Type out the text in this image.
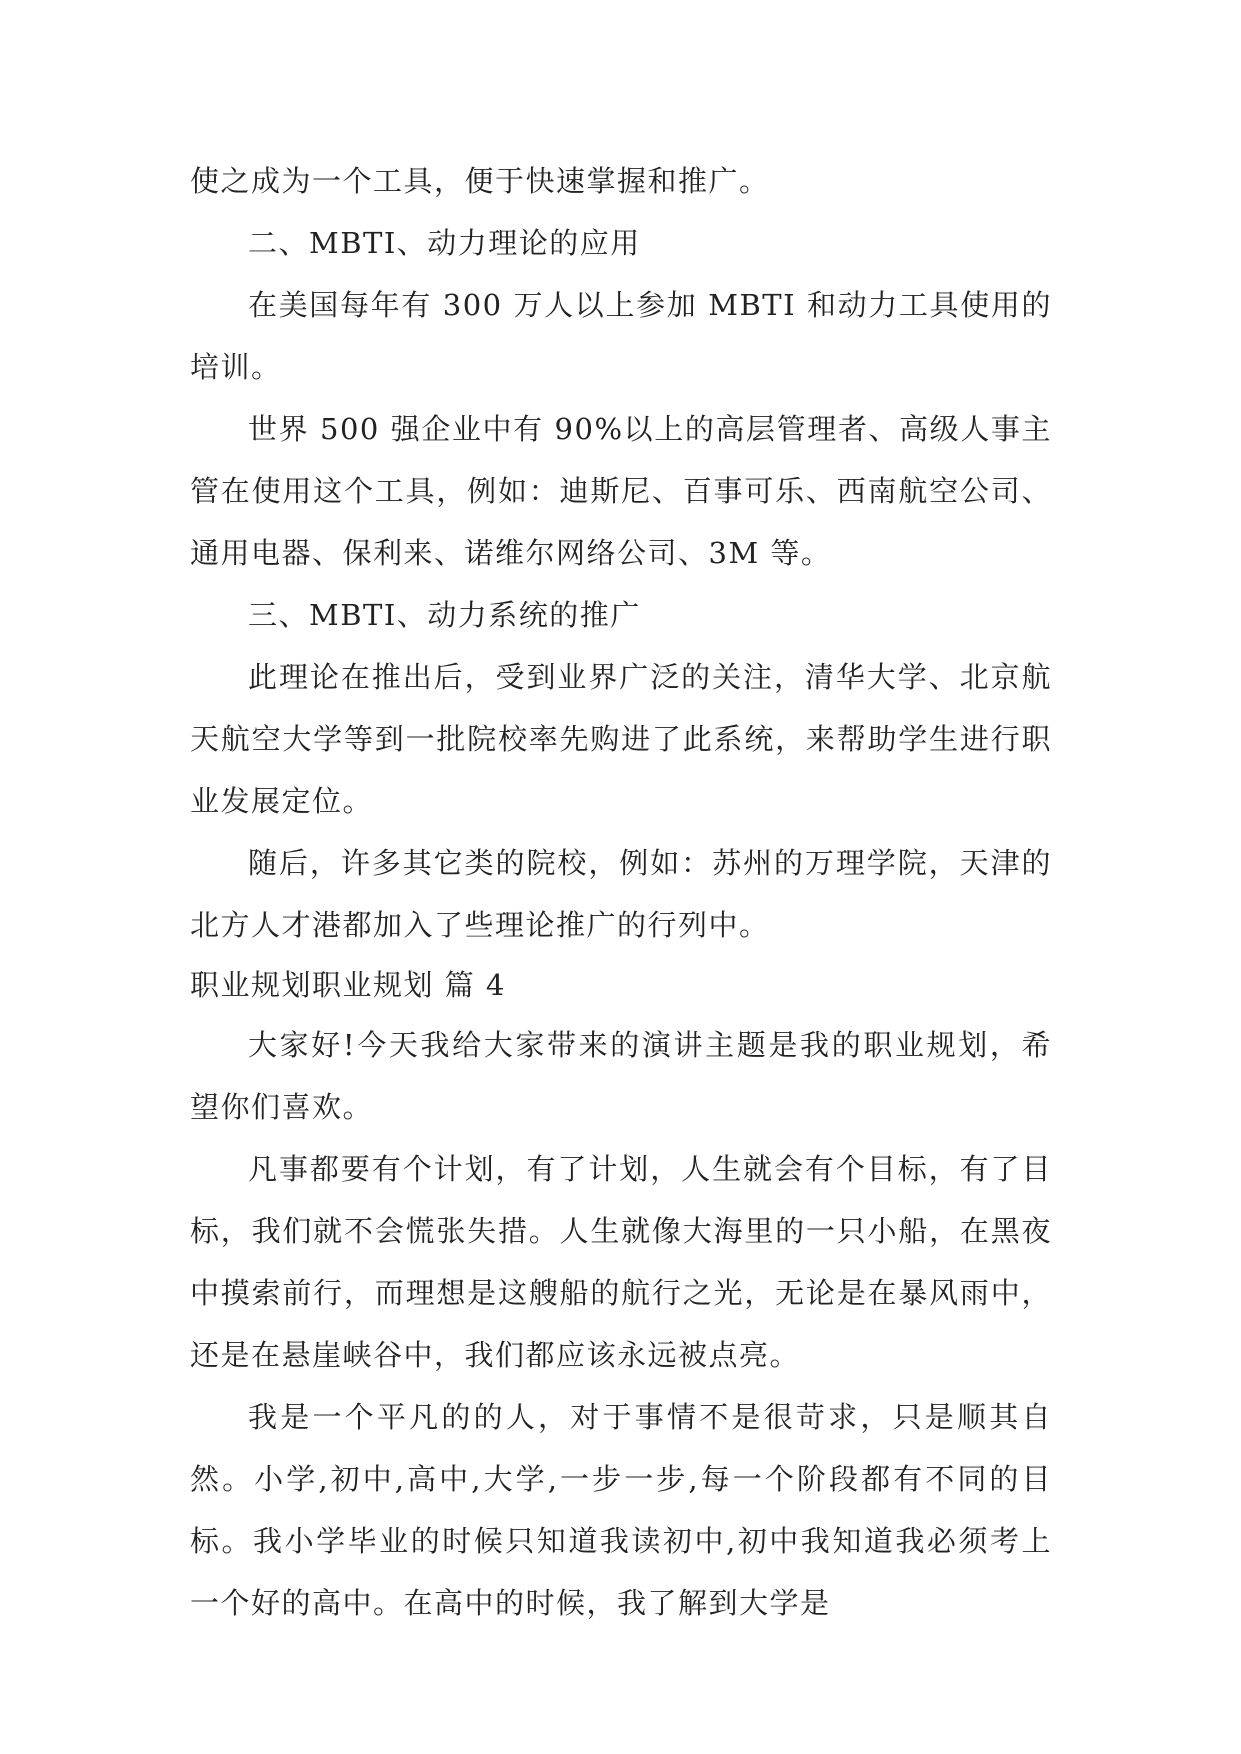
使之成为一个工具，便于快速掌握和推广。

二、MBTI、动力理论的应用

在美国每年有 300 万人以上参加 MBTI 和动力工具使用的培训。

世界 500 强企业中有 90%以上的高层管理者、高级人事主管在使用这个工具，例如：迪斯尼、百事可乐、西南航空公司、通用电器、保利来、诺维尔网络公司、3M 等。

三、MBTI、动力系统的推广

此理论在推出后，受到业界广泛的关注，清华大学、北京航天航空大学等到一批院校率先购进了此系统，来帮助学生进行职业发展定位。

随后，许多其它类的院校，例如：苏州的万理学院，天津的北方人才港都加入了些理论推广的行列中。

职业规划职业规划 篇 4

大家好!今天我给大家带来的演讲主题是我的职业规划，希望你们喜欢。

凡事都要有个计划，有了计划，人生就会有个目标，有了目标，我们就不会慌张失措。人生就像大海里的一只小船，在黑夜中摸索前行，而理想是这艘船的航行之光，无论是在暴风雨中，还是在悬崖峡谷中，我们都应该永远被点亮。

我是一个平凡的的人，对于事情不是很苛求，只是顺其自然。小学,初中,高中,大学,一步一步,每一个阶段都有不同的目标。我小学毕业的时候只知道我读初中,初中我知道我必须考上一个好的高中。在高中的时候，我了解到大学是
